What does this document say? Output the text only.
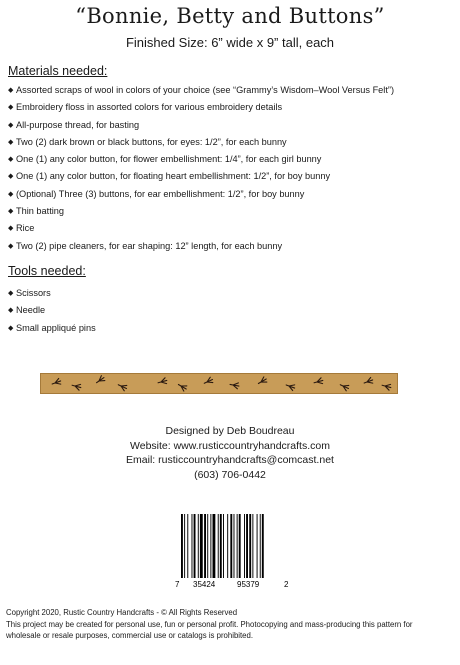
“Bonnie, Betty and Buttons”
Finished Size: 6” wide x 9” tall, each
Materials needed:
◆ Assorted scraps of wool in colors of your choice (see “Grammy’s Wisdom–Wool Versus Felt”)
◆ Embroidery floss in assorted colors for various embroidery details
◆ All-purpose thread, for basting
◆ Two (2) dark brown or black buttons, for eyes: 1/2”, for each bunny
◆ One (1) any color button, for flower embellishment: 1/4”, for each girl bunny
◆ One (1) any color button, for floating heart embellishment: 1/2”, for boy bunny
◆ (Optional) Three (3) buttons, for ear embellishment: 1/2”, for boy bunny
◆ Thin batting
◆ Rice
◆ Two (2) pipe cleaners, for ear shaping: 12” length, for each bunny
Tools needed:
◆ Scissors
◆ Needle
◆ Small appliqué pins
Designed by Deb Boudreau
Website: www.rusticcountryhandcrafts.com
Email: rusticcountryhandcrafts@comcast.net
(603) 706-0442
7 35424	95379	2
Copyright 2020, Rustic Country Handcrafts - © All Rights Reserved
This project may be created for personal use, fun or personal profit. Photocopying and mass-producing this pattern for
wholesale or resale purposes, commercial use or catalogs is prohibited.
